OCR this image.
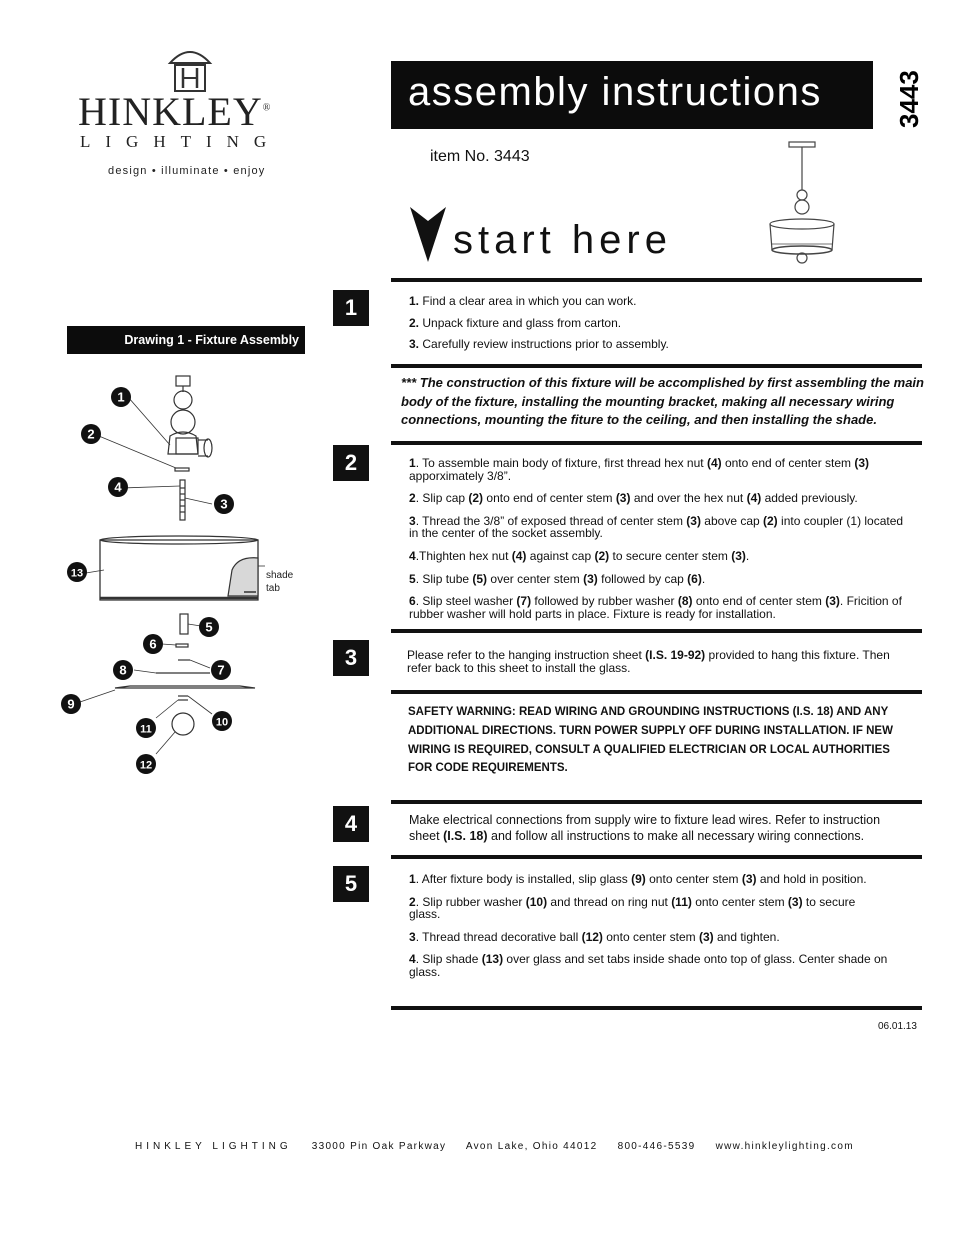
HINKLEY®
LIGHTING
design • illuminate • enjoy
assembly instructions	3443
item No. 3443
start here
1
2
3
4
5

1. Find a clear area in which you can work.

2. Unpack fixture and glass from carton.

3. Carefully review instructions prior to assembly.

*** The construction of this fixture will be accomplished by first assembling the main body of the fixture, installing the mounting bracket, making all necessary wiring connections, mounting the fiture to the ceiling, and then installing the shade.

1. To assemble main body of fixture, first thread hex nut (4) onto end of center stem (3) apporximately 3/8”.

2. Slip cap (2) onto end of center stem (3) and over the hex nut (4) added previously.

3. Thread the 3/8” of exposed thread of center stem (3) above cap (2) into coupler (1) located in the center of the socket assembly.

4.Thighten hex nut (4) against cap (2) to secure center stem (3).

5. Slip tube (5) over center stem (3) followed by cap (6).

6. Slip steel washer (7) followed by rubber washer (8) onto end of center stem (3). Fricition of rubber washer will hold parts in place. Fixture is ready for installation.

Please refer to the hanging instruction sheet (I.S. 19-92) provided to hang this fixture. Then refer back to this sheet to install the glass.

SAFETY WARNING: READ WIRING AND GROUNDING INSTRUCTIONS (I.S. 18) AND ANY ADDITIONAL DIRECTIONS. TURN POWER SUPPLY OFF DURING INSTALLATION. IF NEW WIRING IS REQUIRED, CONSULT A QUALIFIED ELECTRICIAN OR LOCAL AUTHORITIES FOR CODE REQUIREMENTS.

Make electrical connections from supply wire to fixture lead wires. Refer to instruction sheet (I.S. 18) and follow all instructions to make all necessary wiring connections.

1. After fixture body is installed, slip glass (9) onto center stem (3) and hold in position.

2. Slip rubber washer (10) and thread on ring nut (11) onto center stem (3) to secure glass.

3. Thread thread decorative ball (12) onto center stem (3) and tighten.

4. Slip shade (13) over glass and set tabs inside shade onto top of glass. Center shade on glass.

06.01.13
Drawing 1 - Fixture Assembly
shade
tab
1
2
3
4
5
6
7
8
9
10
11
12
13
HINKLEY LIGHTING 33000 Pin Oak Parkway Avon Lake, Ohio 44012 800-446-5539 www.hinkleylighting.com
